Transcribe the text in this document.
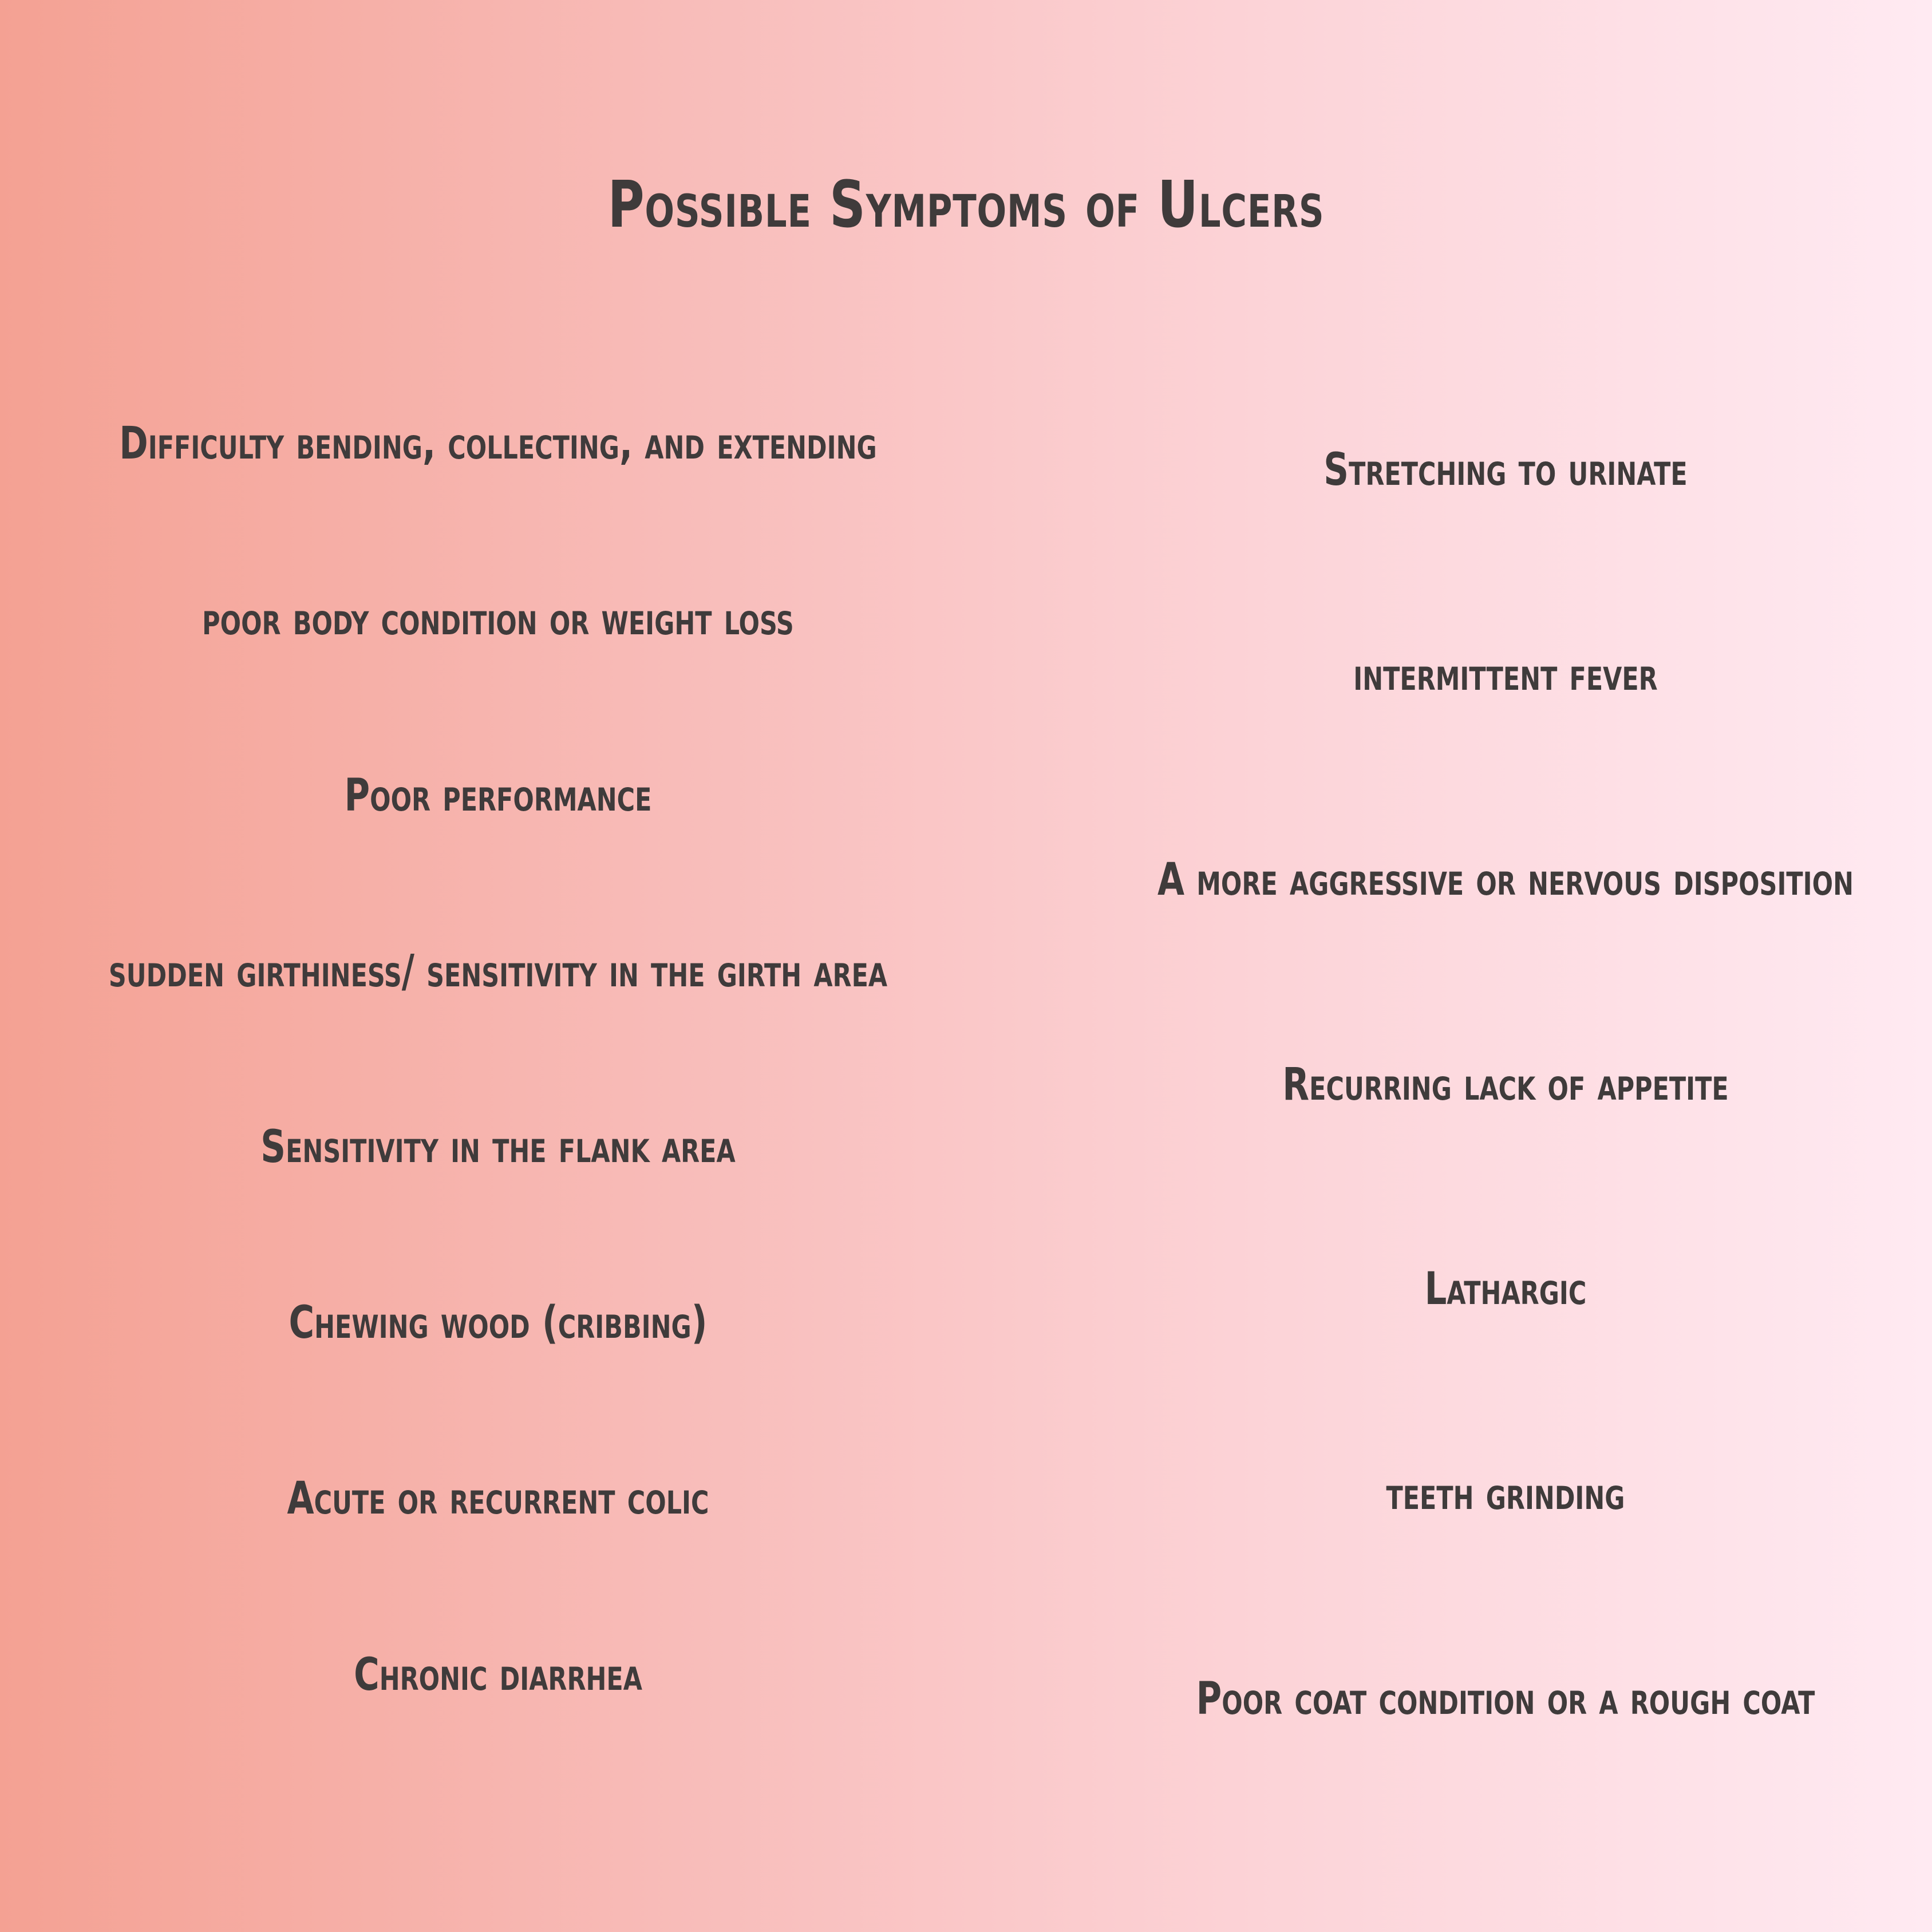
Possible Symptoms of Ulcers
Difficulty bending, collecting, and extending
poor body condition or weight loss
Poor performance
sudden girthiness/ sensitivity in the girth area
Sensitivity in the flank area
Chewing wood (cribbing)
Acute or recurrent colic
Chronic diarrhea
Stretching to urinate
intermittent fever
A more aggressive or nervous disposition
Recurring lack of appetite
Lathargic
teeth grinding
Poor coat condition or a rough coat
